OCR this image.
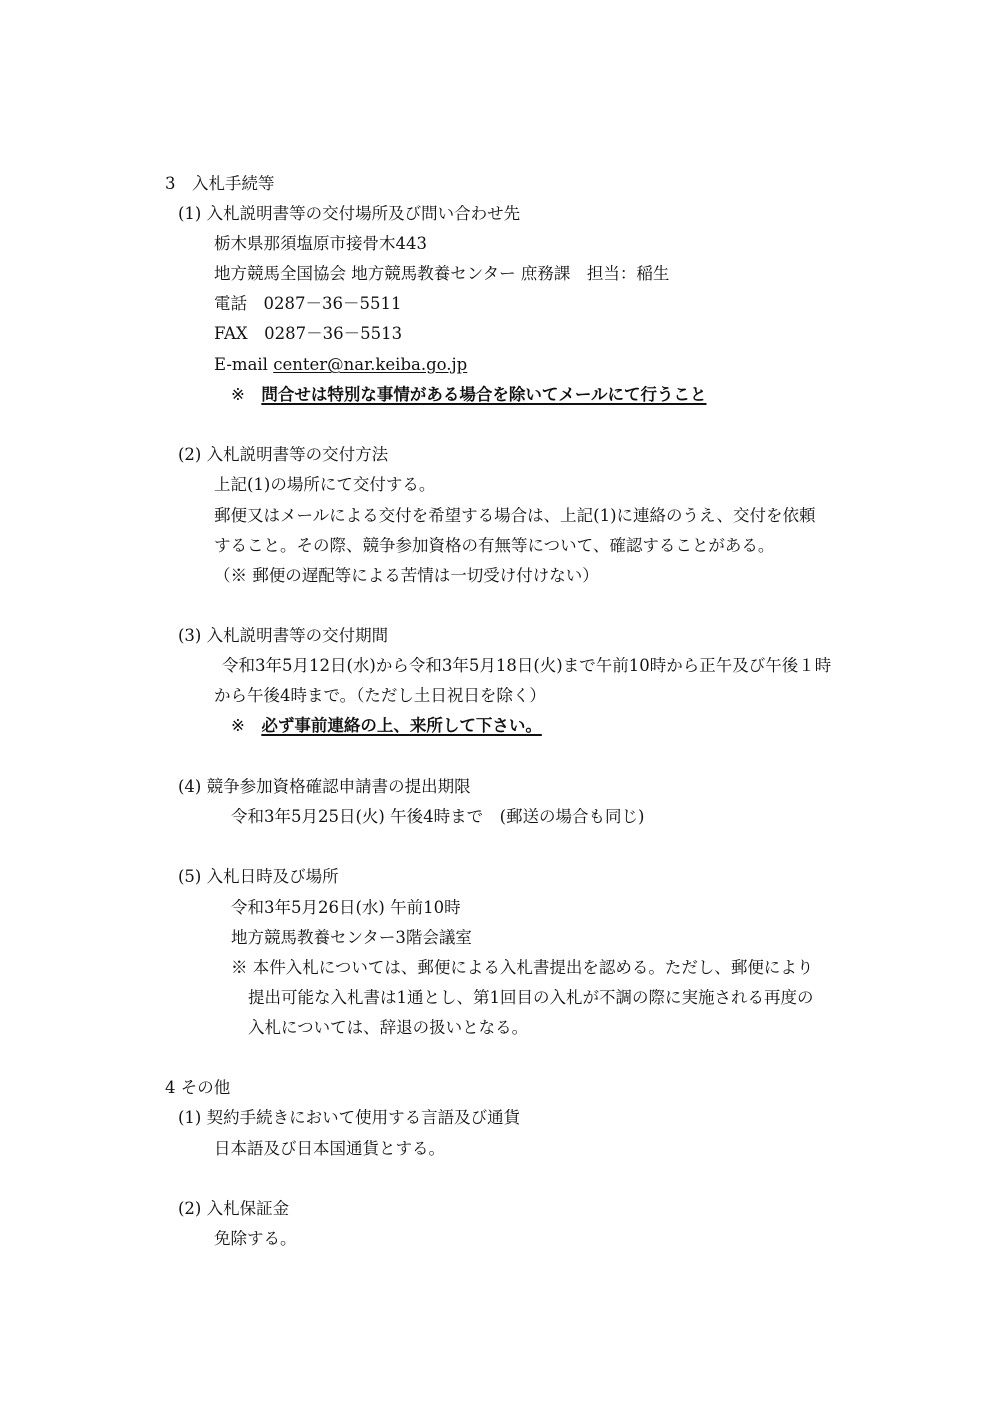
3　入札手続等
(1) 入札説明書等の交付場所及び問い合わせ先
栃木県那須塩原市接骨木443
地方競馬全国協会 地方競馬教養センター 庶務課　担当：稲生
電話　0287－36－5511
FAX　0287－36－5513
E-mail center@nar.keiba.go.jp
※　問合せは特別な事情がある場合を除いてメールにて行うこと
(2) 入札説明書等の交付方法
上記(1)の場所にて交付する。
郵便又はメールによる交付を希望する場合は、上記(1)に連絡のうえ、交付を依頼
すること。その際、競争参加資格の有無等について、確認することがある。
（※ 郵便の遅配等による苦情は一切受け付けない）
(3) 入札説明書等の交付期間
令和3年5月12日(水)から令和3年5月18日(火)まで午前10時から正午及び午後１時
から午後4時まで。（ただし土日祝日を除く）
※　必ず事前連絡の上、来所して下さい。
(4) 競争参加資格確認申請書の提出期限
令和3年5月25日(火) 午後4時まで　(郵送の場合も同じ)
(5) 入札日時及び場所
令和3年5月26日(水) 午前10時
地方競馬教養センター3階会議室
※ 本件入札については、郵便による入札書提出を認める。ただし、郵便により
提出可能な入札書は1通とし、第1回目の入札が不調の際に実施される再度の
入札については、辞退の扱いとなる。
4 その他
(1) 契約手続きにおいて使用する言語及び通貨
日本語及び日本国通貨とする。
(2) 入札保証金
免除する。
